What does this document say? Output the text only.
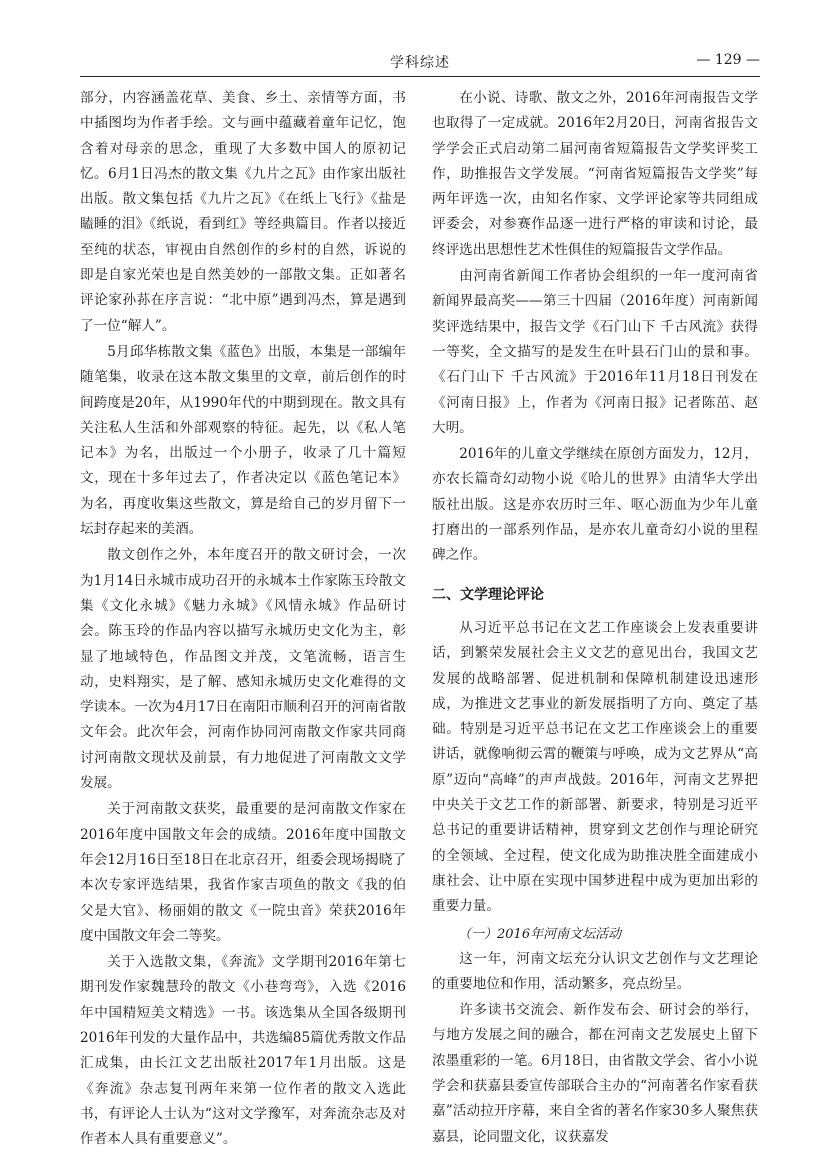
学科综述	— 129 —

部分，内容涵盖花草、美食、乡土、亲情等方面，书中插图均为作者手绘。文与画中蕴藏着童年记忆，饱含着对母亲的思念，重现了大多数中国人的原初记忆。6月1日冯杰的散文集《九片之瓦》由作家出版社出版。散文集包括《九片之瓦》《在纸上飞行》《盐是瞌睡的泪》《纸说，看到红》等经典篇目。作者以接近至纯的状态，审视由自然创作的乡村的自然，诉说的即是自家光荣也是自然美妙的一部散文集。正如著名评论家孙荪在序言说：“北中原”遇到冯杰，算是遇到了一位“解人”。

5月邱华栋散文集《蓝色》出版，本集是一部编年随笔集，收录在这本散文集里的文章，前后创作的时间跨度是20年，从1990年代的中期到现在。散文具有关注私人生活和外部观察的特征。起先，以《私人笔记本》为名，出版过一个小册子，收录了几十篇短文，现在十多年过去了，作者决定以《蓝色笔记本》为名，再度收集这些散文，算是给自己的岁月留下一坛封存起来的美酒。

散文创作之外，本年度召开的散文研讨会，一次为1月14日永城市成功召开的永城本土作家陈玉玲散文集《文化永城》《魅力永城》《风情永城》作品研讨会。陈玉玲的作品内容以描写永城历史文化为主，彰显了地域特色，作品图文并茂，文笔流畅，语言生动，史料翔实，是了解、感知永城历史文化难得的文学读本。一次为4月17日在南阳市顺利召开的河南省散文年会。此次年会，河南作协同河南散文作家共同商讨河南散文现状及前景，有力地促进了河南散文文学发展。

关于河南散文获奖，最重要的是河南散文作家在2016年度中国散文年会的成绩。2016年度中国散文年会12月16日至18日在北京召开，组委会现场揭晓了本次专家评选结果，我省作家吉项鱼的散文《我的伯父是大官》、杨丽娟的散文《一院虫音》荣获2016年度中国散文年会二等奖。

关于入选散文集，《奔流》文学期刊2016年第七期刊发作家魏慧玲的散文《小巷弯弯》，入选《2016年中国精短美文精选》一书。该选集从全国各级期刊2016年刊发的大量作品中，共选编85篇优秀散文作品汇成集，由长江文艺出版社2017年1月出版。这是《奔流》杂志复刊两年来第一位作者的散文入选此书，有评论人士认为“这对文学豫军，对奔流杂志及对作者本人具有重要意义”。

在小说、诗歌、散文之外，2016年河南报告文学也取得了一定成就。2016年2月20日，河南省报告文学学会正式启动第二届河南省短篇报告文学奖评奖工作，助推报告文学发展。“河南省短篇报告文学奖”每两年评选一次，由知名作家、文学评论家等共同组成评委会，对参赛作品逐一进行严格的审读和讨论，最终评选出思想性艺术性俱佳的短篇报告文学作品。

由河南省新闻工作者协会组织的一年一度河南省新闻界最高奖——第三十四届（2016年度）河南新闻奖评选结果中，报告文学《石门山下 千古风流》获得一等奖，全文描写的是发生在叶县石门山的景和事。《石门山下 千古风流》于2016年11月18日刊发在《河南日报》上，作者为《河南日报》记者陈茁、赵大明。

2016年的儿童文学继续在原创方面发力，12月，亦农长篇奇幻动物小说《哈儿的世界》由清华大学出版社出版。这是亦农历时三年、呕心沥血为少年儿童打磨出的一部系列作品，是亦农儿童奇幻小说的里程碑之作。

二、文学理论评论

从习近平总书记在文艺工作座谈会上发表重要讲话，到繁荣发展社会主义文艺的意见出台，我国文艺发展的战略部署、促进机制和保障机制建设迅速形成，为推进文艺事业的新发展指明了方向、奠定了基础。特别是习近平总书记在文艺工作座谈会上的重要讲话，就像响彻云霄的鞭策与呼唤，成为文艺界从“高原”迈向“高峰”的声声战鼓。2016年，河南文艺界把中央关于文艺工作的新部署、新要求，特别是习近平总书记的重要讲话精神，贯穿到文艺创作与理论研究的全领域、全过程，使文化成为助推决胜全面建成小康社会、让中原在实现中国梦进程中成为更加出彩的重要力量。

（一）2016年河南文坛活动

这一年，河南文坛充分认识文艺创作与文艺理论的重要地位和作用，活动繁多，亮点纷呈。

许多读书交流会、新作发布会、研讨会的举行，与地方发展之间的融合，都在河南文艺发展史上留下浓墨重彩的一笔。6月18日，由省散文学会、省小小说学会和获嘉县委宣传部联合主办的“河南著名作家看获嘉”活动拉开序幕，来自全省的著名作家30多人聚焦获嘉县，论同盟文化，议获嘉发
